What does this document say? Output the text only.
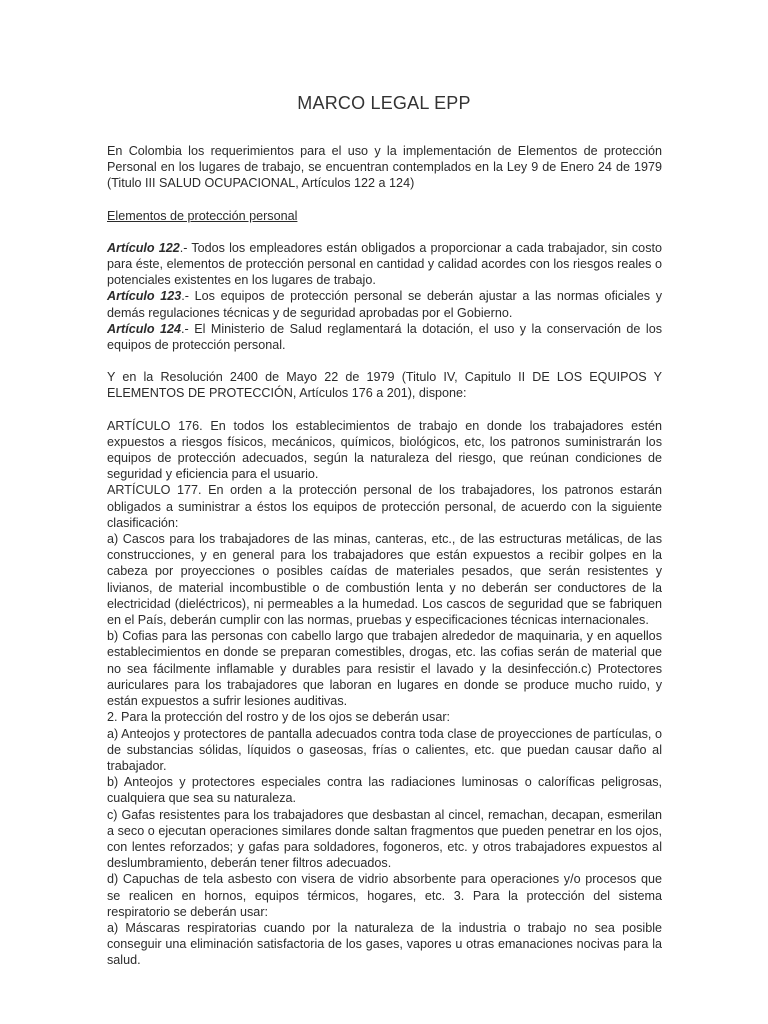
MARCO LEGAL EPP

En Colombia los requerimientos para el uso y la implementación de Elementos de protección Personal en los lugares de trabajo, se encuentran contemplados en la Ley 9 de Enero 24 de 1979 (Titulo III SALUD OCUPACIONAL, Artículos 122 a 124)

Elementos de protección personal

Artículo 122.- Todos los empleadores están obligados a proporcionar a cada trabajador, sin costo para éste, elementos de protección personal en cantidad y calidad acordes con los riesgos reales o potenciales existentes en los lugares de trabajo.

Artículo 123.- Los equipos de protección personal se deberán ajustar a las normas oficiales y demás regulaciones técnicas y de seguridad aprobadas por el Gobierno.

Artículo 124.- El Ministerio de Salud reglamentará la dotación, el uso y la conservación de los equipos de protección personal.

Y en la Resolución 2400 de Mayo 22 de 1979 (Titulo IV, Capitulo II DE LOS EQUIPOS Y ELEMENTOS DE PROTECCIÓN, Artículos 176 a 201), dispone:

ARTÍCULO 176. En todos los establecimientos de trabajo en donde los trabajadores estén expuestos a riesgos físicos, mecánicos, químicos, biológicos, etc, los patronos suministrarán los equipos de protección adecuados, según la naturaleza del riesgo, que reúnan condiciones de seguridad y eficiencia para el usuario.

ARTÍCULO 177. En orden a la protección personal de los trabajadores, los patronos estarán obligados a suministrar a éstos los equipos de protección personal, de acuerdo con la siguiente clasificación:

a) Cascos para los trabajadores de las minas, canteras, etc., de las estructuras metálicas, de las construcciones, y en general para los trabajadores que están expuestos a recibir golpes en la cabeza por proyecciones o posibles caídas de materiales pesados, que serán resistentes y livianos, de material incombustible o de combustión lenta y no deberán ser conductores de la electricidad (dieléctricos), ni permeables a la humedad. Los cascos de seguridad que se fabriquen en el País, deberán cumplir con las normas, pruebas y especificaciones técnicas internacionales.

b) Cofias para las personas con cabello largo que trabajen alrededor de maquinaria, y en aquellos establecimientos en donde se preparan comestibles, drogas, etc. las cofias serán de material que no sea fácilmente inflamable y durables para resistir el lavado y la desinfección.c) Protectores auriculares para los trabajadores que laboran en lugares en donde se produce mucho ruido, y están expuestos a sufrir lesiones auditivas.

2. Para la protección del rostro y de los ojos se deberán usar:

a) Anteojos y protectores de pantalla adecuados contra toda clase de proyecciones de partículas, o de substancias sólidas, líquidos o gaseosas, frías o calientes, etc. que puedan causar daño al trabajador.

b) Anteojos y protectores especiales contra las radiaciones luminosas o caloríficas peligrosas, cualquiera que sea su naturaleza.

c) Gafas resistentes para los trabajadores que desbastan al cincel, remachan, decapan, esmerilan a seco o ejecutan operaciones similares donde saltan fragmentos que pueden penetrar en los ojos, con lentes reforzados; y gafas para soldadores, fogoneros, etc. y otros trabajadores expuestos al deslumbramiento, deberán tener filtros adecuados.

d) Capuchas de tela asbesto con visera de vidrio absorbente para operaciones y/o procesos que se realicen en hornos, equipos térmicos, hogares, etc. 3. Para la protección del sistema respiratorio se deberán usar:

a) Máscaras respiratorias cuando por la naturaleza de la industria o trabajo no sea posible conseguir una eliminación satisfactoria de los gases, vapores u otras emanaciones nocivas para la salud.
